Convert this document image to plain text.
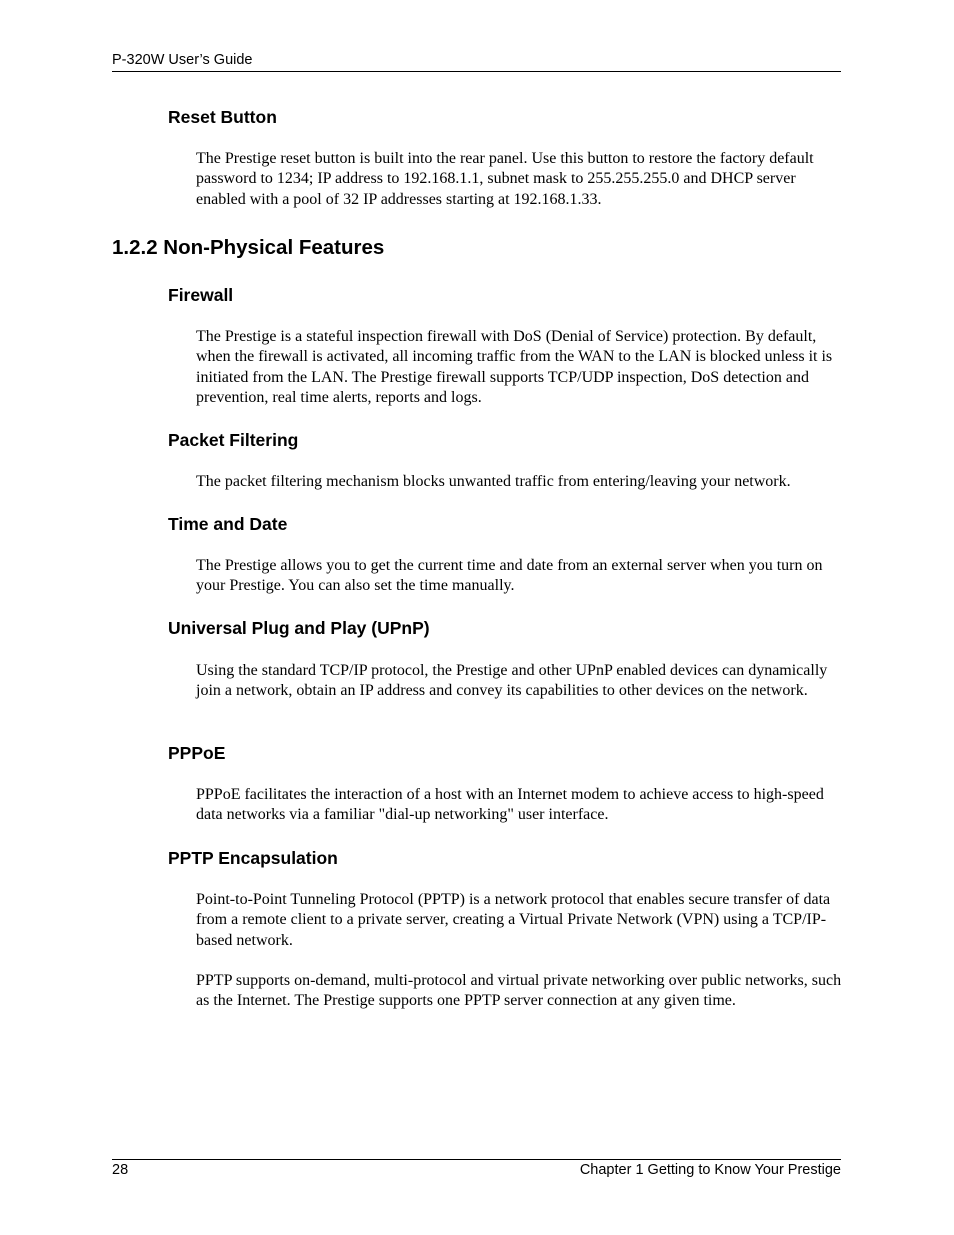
P-320W User’s Guide
Reset Button

The Prestige reset button is built into the rear panel. Use this button to restore the factory default password to 1234; IP address to 192.168.1.1, subnet mask to 255.255.255.0 and DHCP server enabled with a pool of 32 IP addresses starting at 192.168.1.33.

1.2.2 Non-Physical Features
Firewall

The Prestige is a stateful inspection firewall with DoS (Denial of Service) protection. By default, when the firewall is activated, all incoming traffic from the WAN to the LAN is blocked unless it is initiated from the LAN. The Prestige firewall supports TCP/UDP inspection, DoS detection and prevention, real time alerts, reports and logs.

Packet Filtering

The packet filtering mechanism blocks unwanted traffic from entering/leaving your network.

Time and Date

The Prestige allows you to get the current time and date from an external server when you turn on your Prestige. You can also set the time manually.

Universal Plug and Play (UPnP)

Using the standard TCP/IP protocol, the Prestige and other UPnP enabled devices can dynamically join a network, obtain an IP address and convey its capabilities to other devices on the network.

PPPoE

PPPoE facilitates the interaction of a host with an Internet modem to achieve access to high-speed data networks via a familiar "dial-up networking" user interface.

PPTP Encapsulation

Point-to-Point Tunneling Protocol (PPTP) is a network protocol that enables secure transfer of data from a remote client to a private server, creating a Virtual Private Network (VPN) using a TCP/IP-based network.

PPTP supports on-demand, multi-protocol and virtual private networking over public networks, such as the Internet. The Prestige supports one PPTP server connection at any given time.

28	Chapter 1 Getting to Know Your Prestige
